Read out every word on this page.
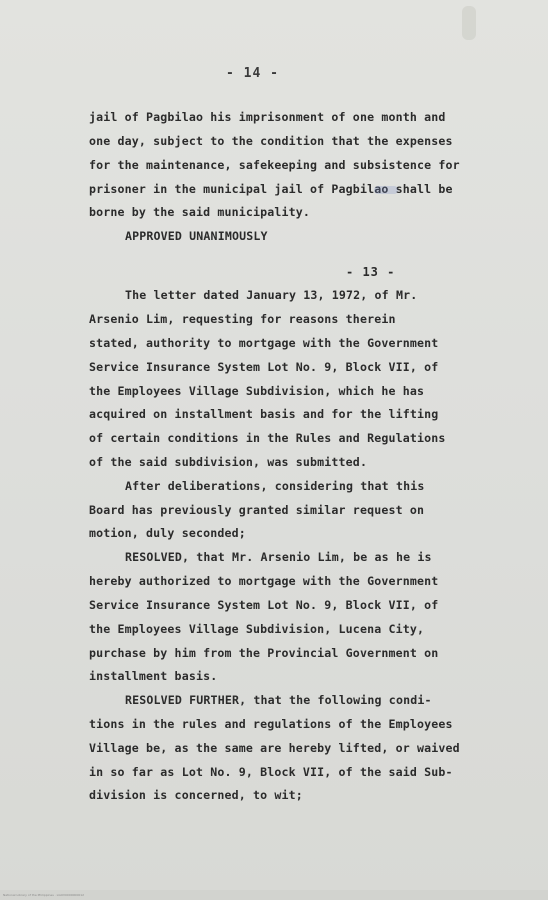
- 14 -
jail of Pagbilao his imprisonment of one month and
one day, subject to the condition that the expenses
for the maintenance, safekeeping and subsistence for
prisoner in the municipal jail of Pagbilao shall be
borne by the said municipality.
APPROVED UNANIMOUSLY
- 13 -
The letter dated January 13, 1972, of Mr.
Arsenio Lim, requesting for reasons therein
stated, authority to mortgage with the Government
Service Insurance System Lot No. 9, Block VII, of
the Employees Village Subdivision, which he has
acquired on installment basis and for the lifting
of certain conditions in the Rules and Regulations
of the said subdivision, was submitted.
After deliberations, considering that this
Board has previously granted similar request on
motion, duly seconded;
RESOLVED, that Mr. Arsenio Lim, be as he is
hereby authorized to mortgage with the Government
Service Insurance System Lot No. 9, Block VII, of
the Employees Village Subdivision, Lucena City,
purchase by him from the Provincial Government on
installment basis.
RESOLVED FURTHER, that the following condi-
tions in the rules and regulations of the Employees
Village be, as the same are hereby lifted, or waived
in so far as Lot No. 9, Block VII, of the said Sub-
division is concerned, to wit;
National Library of the Philippines · LGOV0000000012
